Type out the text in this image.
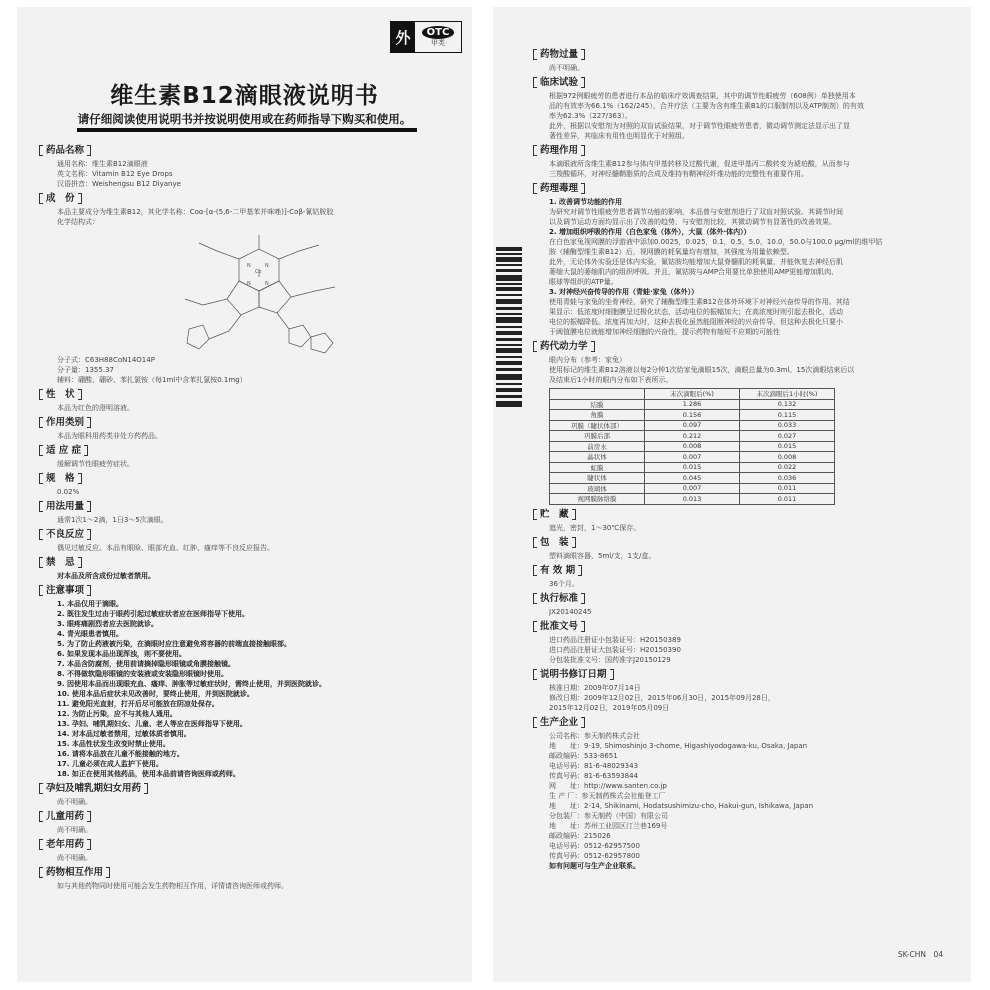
外	OTC
甲类
维生素B12滴眼液说明书
请仔细阅读使用说明书并按说明使用或在药师指导下购买和使用。
药品名称
通用名称：维生素B12滴眼液
英文名称：Vitamin B12 Eye Drops
汉语拼音：Weishengsu B12 Diyanye
成　份
本品主要成分为维生素B12，其化学名称：Coα-[α-(5,6-二甲基苯并咪唑)]-Coβ-氰钴胺胶
化学结构式：
Co
N
N
N
N
分子式：C63H88CoN14O14P
分子量：1355.37
辅料：硼酸、硼砂、苯扎氯铵（每1ml中含苯扎氯铵0.1mg）
性　状
本品为红色的澄明溶液。
作用类别
本品为眼科用药类非处方药药品。
适 应 症
缓解调节性眼疲劳症状。
规　格
0.02%
用法用量
通常1次1～2滴，1日3～5次滴眼。
不良反应
偶见过敏反应。本品有眼睑、眼部充血、红肿、瘙痒等不良反应报告。
禁　忌
对本品及所含成份过敏者禁用。
注意事项
1. 本品仅用于滴眼。
2. 既往发生过由于眼药引起过敏症状者应在医师指导下使用。
3. 眼疼痛剧烈者应去医院就诊。
4. 青光眼患者慎用。
5. 为了防止药液被污染，在滴眼时应注意避免将容器的前端直接接触眼部。
6. 如果发现本品出现浑浊，则不要使用。
7. 本品含防腐剂，使用前请摘掉隐形眼镜或角膜接触镜。
8. 不得做软隐形眼镜的安装液或安装隐形眼镜时使用。
9. 因使用本品而出现眼充血、瘙痒、肿胀等过敏症状时，需终止使用，并到医院就诊。
10. 使用本品后症状未见改善时，要终止使用，并到医院就诊。
11. 避免阳光直射，打开后尽可能放在阴凉处保存。
12. 为防止污染，应不与其他人通用。
13. 孕妇、哺乳期妇女、儿童、老人等应在医师指导下使用。
14. 对本品过敏者禁用，过敏体质者慎用。
15. 本品性状发生改变时禁止使用。
16. 请将本品放在儿童不能接触的地方。
17. 儿童必须在成人监护下使用。
18. 如正在使用其他药品，使用本品前请咨询医师或药师。
孕妇及哺乳期妇女用药
尚不明确。
儿童用药
尚不明确。
老年用药
尚不明确。
药物相互作用
如与其他药物同时使用可能会发生药物相互作用，详情请咨询医师或药师。
药物过量
尚不明确。
临床试验
根据972例眼疲劳的患者进行本品的临床疗效调查结果，其中的调节性眼疲劳（608例）单独使用本
品的有效率为66.1%（162/245），合并疗法（主要为含有维生素B1的口服制剂以及ATP制剂）的有效
率为62.3%（227/363）。
此外，根据以安慰剂为对照的双盲试验结果，对于调节性眼疲劳患者，微动调节测定法显示出了显
著性差异，其临床有用性也明显优于对照组。
药理作用
本滴眼液所含维生素B12参与体内甲基转移及过酸代谢，促进甲基丙二酸转变为琥珀酸，从而参与
三羧酸循环，对神经髓鞘脂质的合成及维持有鞘神经纤维功能的完整性有重要作用。
药理毒理
1. 改善调节功能的作用
为研究对调节性眼疲劳患者调节功能的影响，本品曾与安慰剂进行了双盲对照试验。其调节时间
以及调节运动方面均显示出了改善的趋势，与安慰剂比较，其微动调节有显著性的改善效果。
2. 增加组织呼吸的作用（白色家兔（体外），大鼠（体外·体内））
在白色家兔视网膜的浮游液中添加0.0025，0.025，0.1，0.5，5.0，10.0，50.0与100.0 μg/ml的维甲钴
胺（辅酶型维生素B12）后，视网膜的耗氧量均有增加，其强度为用量依赖型。
此外，无论体外实验还是体内实验，氰钴胺均能增加大鼠脊髓肌的耗氧量，并能恢复去神经后肌
萎缩大鼠的萎缩肌内的组织呼吸。并且，氰钴胺与AMP合用要比单独使用AMP更能增加肌肉、
眼球等组织的ATP量。
3. 对神经兴奋传导的作用（青蛙·家兔（体外））
使用青蛙与家兔的坐骨神经，研究了辅酶型维生素B12在体外环境下对神经兴奋传导的作用。其结
果显示：低浓度时细胞膜呈过极化状态，活动电位的振幅加大；在高浓度时则引起去极化，活动
电位的振幅降低。浓度再加大时，这种去极化虽然能阻断神经的兴奋传导，但这种去极化只要小
于阈值膜电位就能增加神经细胞的兴奋性，提示药物有缩短不应期的可能性
药代动力学
眼内分布（参考：家兔）
使用标记的维生素B12溶液以每2分钟1次给家兔滴眼15次，滴眼总量为0.3ml。15次滴眼结束后以
及结束后1小时的眼内分布如下表所示。
	末次滴眼后(%)	末次滴眼后1小时(%)
结膜	1.286	0.132
角膜	0.156	0.115
巩膜（睫状体部）	0.097	0.033
巩膜后部	0.212	0.027
前房水	0.008	0.015
晶状体	0.007	0.008
虹膜	0.015	0.022
睫状体	0.045	0.036
玻璃体	0.007	0.011
视网膜脉络膜	0.013	0.011
贮　藏
遮光，密封，1～30℃保存。
包　装
塑料滴眼容器，5ml/支，1支/盒。
有 效 期
36个月。
执行标准
JX20140245
批准文号
进口药品注册证小包装证号：H20150389
进口药品注册证大包装证号：H20150390
分包装批准文号：国药准字J20150129
说明书修订日期
核准日期：2009年07月14日
修改日期：2009年12月02日，2015年06月30日，2015年09月28日，
2015年12月02日，2019年05月09日
生产企业
公司名称：参天制药株式会社
地　　址：9-19, Shimoshinjo 3-chome, Higashiyodogawa-ku, Osaka, Japan
邮政编码：533-8651
电话号码：81-6-48029343
传真号码：81-6-63593844
网　　址：http://www.santen.co.jp
生 产 厂：参天制药株式会社能登工厂
地　　址：2-14, Shikinami, Hodatsushimizu-cho, Hakui-gun, Ishikawa, Japan
分包装厂：参天制药（中国）有限公司
地　　址：苏州工业园区汀兰巷169号
邮政编码：215026
电话号码：0512-62957500
传真号码：0512-62957800
如有问题可与生产企业联系。
SK-CHN　04
